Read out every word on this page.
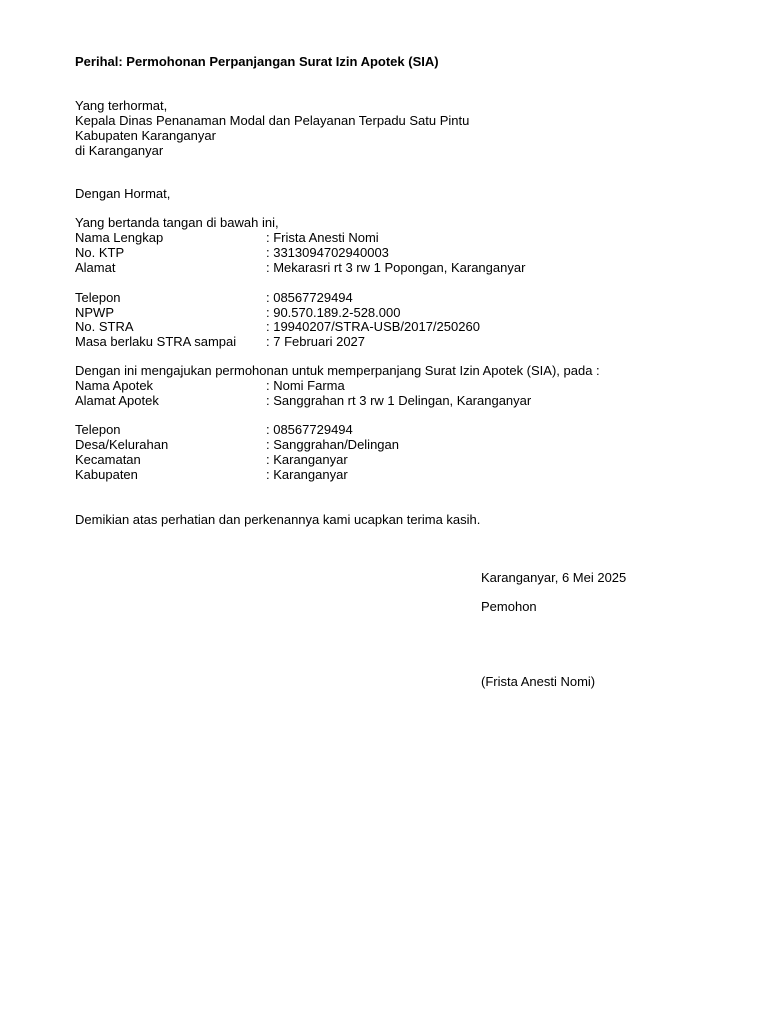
Perihal: Permohonan Perpanjangan Surat Izin Apotek (SIA)
Yang terhormat,
Kepala Dinas Penanaman Modal dan Pelayanan Terpadu Satu Pintu
Kabupaten Karanganyar
di Karanganyar
Dengan Hormat,
Yang bertanda tangan di bawah ini,
Nama Lengkap	: Frista Anesti Nomi
No. KTP	: 3313094702940003
Alamat	: Mekarasri rt 3 rw 1 Popongan, Karanganyar
Telepon	: 08567729494
NPWP	: 90.570.189.2-528.000
No. STRA	: 19940207/STRA-USB/2017/250260
Masa berlaku STRA sampai : 7 Februari 2027
Dengan ini mengajukan permohonan untuk memperpanjang Surat Izin Apotek (SIA), pada :
Nama Apotek	: Nomi Farma
Alamat Apotek	: Sanggrahan rt 3 rw 1 Delingan, Karanganyar
Telepon	: 08567729494
Desa/Kelurahan	: Sanggrahan/Delingan
Kecamatan	: Karanganyar
Kabupaten	: Karanganyar
Demikian atas perhatian dan perkenannya kami ucapkan terima kasih.
Karanganyar, 6 Mei 2025
Pemohon
(Frista Anesti Nomi)
